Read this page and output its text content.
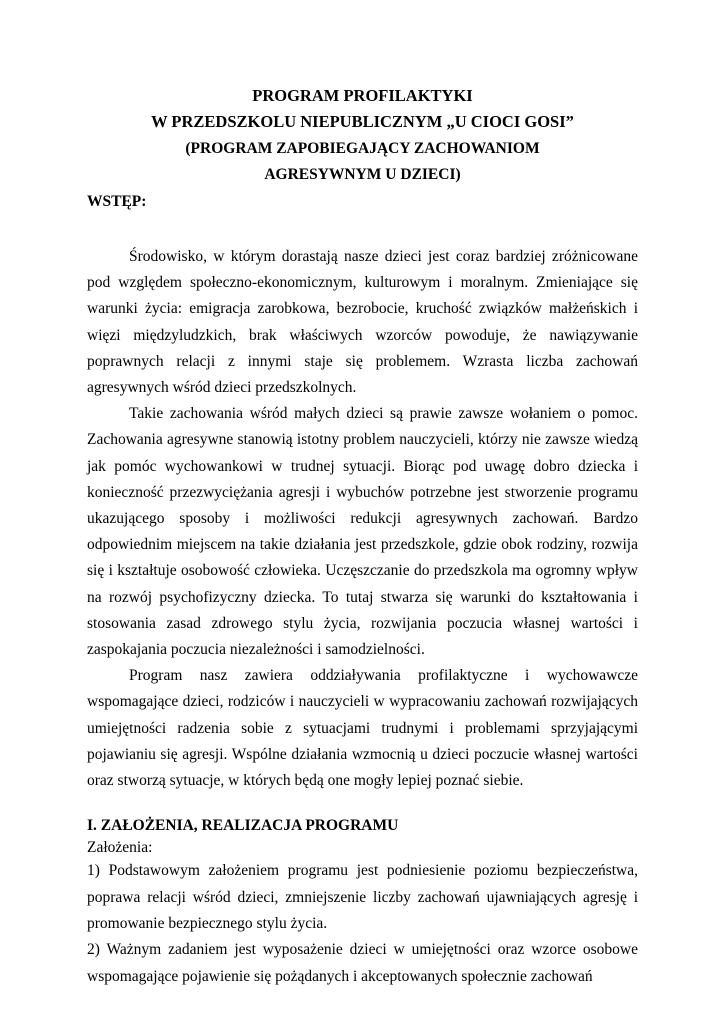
PROGRAM PROFILAKTYKI

W PRZEDSZKOLU NIEPUBLICZNYM „U CIOCI GOSI”

(PROGRAM ZAPOBIEGAJĄCY ZACHOWANIOM

AGRESYWNYM U DZIECI)

WSTĘP:

Środowisko, w którym dorastają nasze dzieci jest coraz bardziej zróżnicowane pod względem społeczno-ekonomicznym, kulturowym i moralnym. Zmieniające się warunki życia: emigracja zarobkowa, bezrobocie, kruchość związków małżeńskich i więzi międzyludzkich, brak właściwych wzorców powoduje, że nawiązywanie poprawnych relacji z innymi staje się problemem. Wzrasta liczba zachowań agresywnych wśród dzieci przedszkolnych.

Takie zachowania wśród małych dzieci są prawie zawsze wołaniem o pomoc. Zachowania agresywne stanowią istotny problem nauczycieli, którzy nie zawsze wiedzą jak pomóc wychowankowi w trudnej sytuacji. Biorąc pod uwagę dobro dziecka i konieczność przezwyciężania agresji i wybuchów potrzebne jest stworzenie programu ukazującego sposoby i możliwości redukcji agresywnych zachowań. Bardzo odpowiednim miejscem na takie działania jest przedszkole, gdzie obok rodziny, rozwija się i kształtuje osobowość człowieka. Uczęszczanie do przedszkola ma ogromny wpływ na rozwój psychofizyczny dziecka. To tutaj stwarza się warunki do kształtowania i stosowania zasad zdrowego stylu życia, rozwijania poczucia własnej wartości i zaspokajania poczucia niezależności i samodzielności.

Program nasz zawiera oddziaływania profilaktyczne i wychowawcze wspomagające dzieci, rodziców i nauczycieli w wypracowaniu zachowań rozwijających umiejętności radzenia sobie z sytuacjami trudnymi i problemami sprzyjającymi pojawianiu się agresji. Wspólne działania wzmocnią u dzieci poczucie własnej wartości oraz stworzą sytuacje, w których będą one mogły lepiej poznać siebie.

I. ZAŁOŻENIA, REALIZACJA PROGRAMU

Założenia:

1) Podstawowym założeniem programu jest podniesienie poziomu bezpieczeństwa, poprawa relacji wśród dzieci, zmniejszenie liczby zachowań ujawniających agresję i promowanie bezpiecznego stylu życia.

2) Ważnym zadaniem jest wyposażenie dzieci w umiejętności oraz wzorce osobowe wspomagające pojawienie się pożądanych i akceptowanych społecznie zachowań
